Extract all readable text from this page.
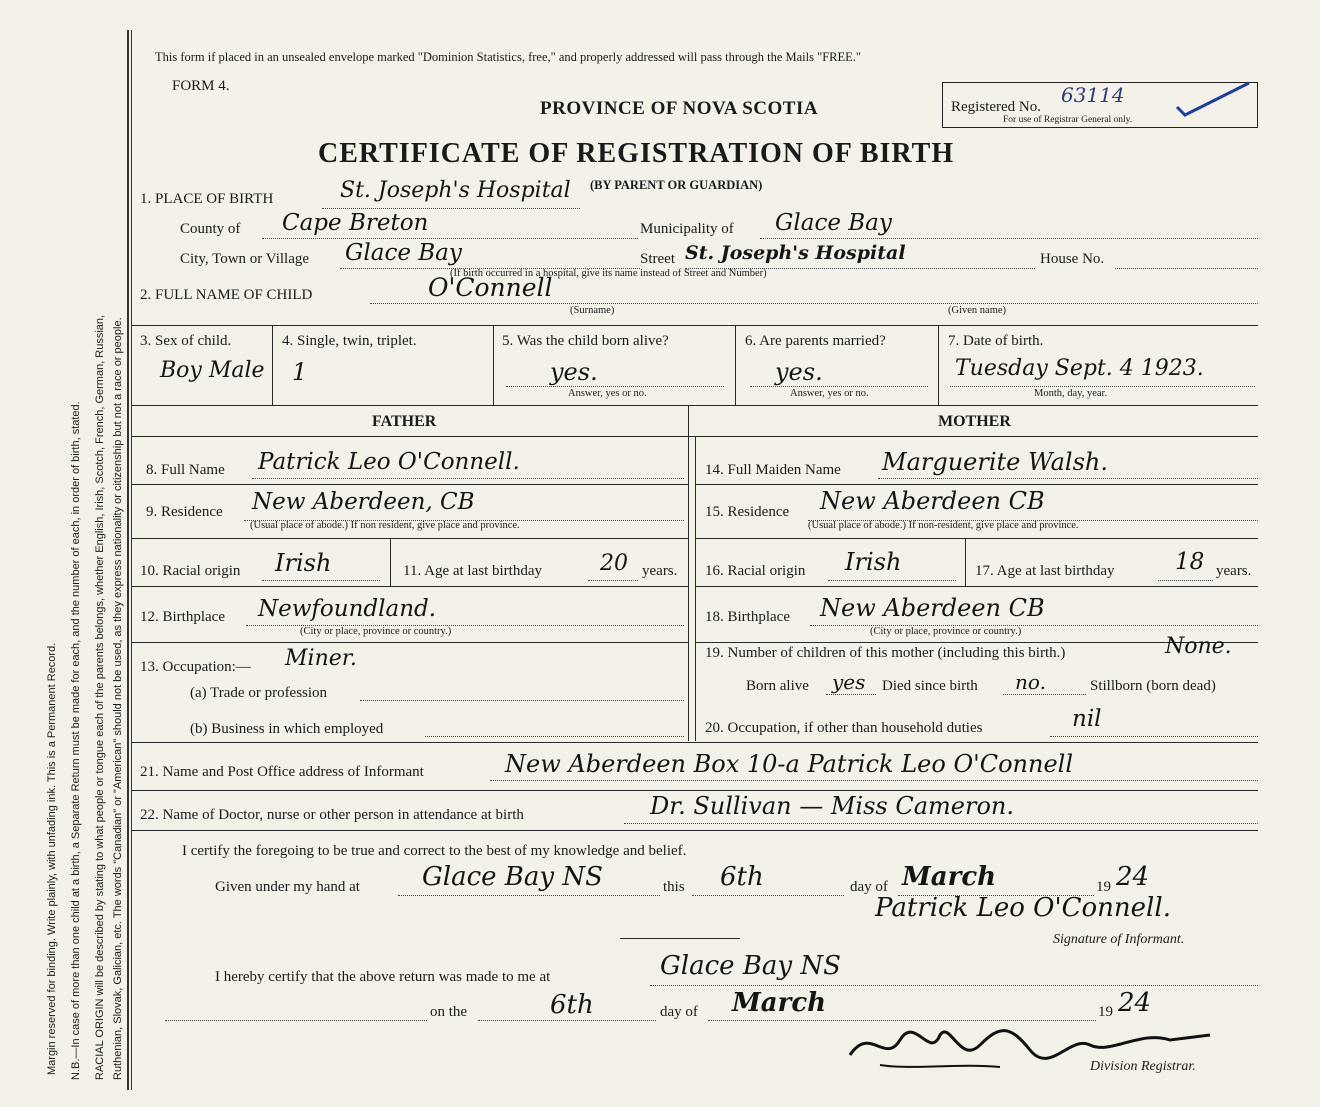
Margin reserved for binding. Write plainly, with unfading ink. This is a Permanent Record. N.B.—In case of more than one child at a birth, a Separate Return must be made for each, and the number of each, in order of birth, stated. RACIAL ORIGIN will be described by stating to what people or tongue each of the parents belongs, whether English, Irish, Scotch, French, German, Russian, Ruthenian, Slovak, Galician, etc. The words "Canadian" or "American" should not be used, as they express nationality or citizenship but not a race or people.
This form if placed in an unsealed envelope marked "Dominion Statistics, free," and properly addressed will pass through the Mails "FREE."
FORM 4.
PROVINCE OF NOVA SCOTIA
CERTIFICATE OF REGISTRATION OF BIRTH
(BY PARENT OR GUARDIAN)
Registered No. 63114
For use of Registrar General only.
1. PLACE OF BIRTH	St. Joseph's Hospital
County of Cape Breton	Municipality of Glace Bay
City, Town or Village Glace Bay	Street St. Joseph's Hospital	House No.
(If birth occurred in a hospital, give its name instead of Street and Number)
2. FULL NAME OF CHILD	O'Connell
(Surname)	(Given name)
3. Sex of child.
Boy Male
4. Single, twin, triplet.
1
5. Was the child born alive?
yes.
Answer, yes or no.
6. Are parents married?
yes.
Answer, yes or no.
7. Date of birth.
Tuesday Sept. 4 1923.
Month, day, year.
FATHER	MOTHER
8. Full Name Patrick Leo O'Connell.
9. Residence New Aberdeen, CB
(Usual place of abode.) If non resident, give place and province.
10. Racial origin Irish	11. Age at last birthday	20 years.
12. Birthplace Newfoundland.
(City or place, province or country.)
13. Occupation:— Miner.
(a) Trade or profession
(b) Business in which employed
14. Full Maiden Name Marguerite Walsh.
15. Residence New Aberdeen CB
(Usual place of abode.) If non-resident, give place and province.
16. Racial origin Irish	17. Age at last birthday	18 years.
18. Birthplace New Aberdeen CB
(City or place, province or country.)
19. Number of children of this mother (including this birth.)	None.
Born alive yes Died since birth no.	Stillborn (born dead)
20. Occupation, if other than household duties	nil
21. Name and Post Office address of Informant	New Aberdeen Box 10-a Patrick Leo O'Connell
22. Name of Doctor, nurse or other person in attendance at birth	Dr. Sullivan — Miss Cameron.
I certify the foregoing to be true and correct to the best of my knowledge and belief.
Given under my hand at Glace Bay NS	this 6th	day of March	19 24
Patrick Leo O'Connell.
Signature of Informant.
I hereby certify that the above return was made to me at	Glace Bay NS
on the	6th	day of March	19 24
Division Registrar.
